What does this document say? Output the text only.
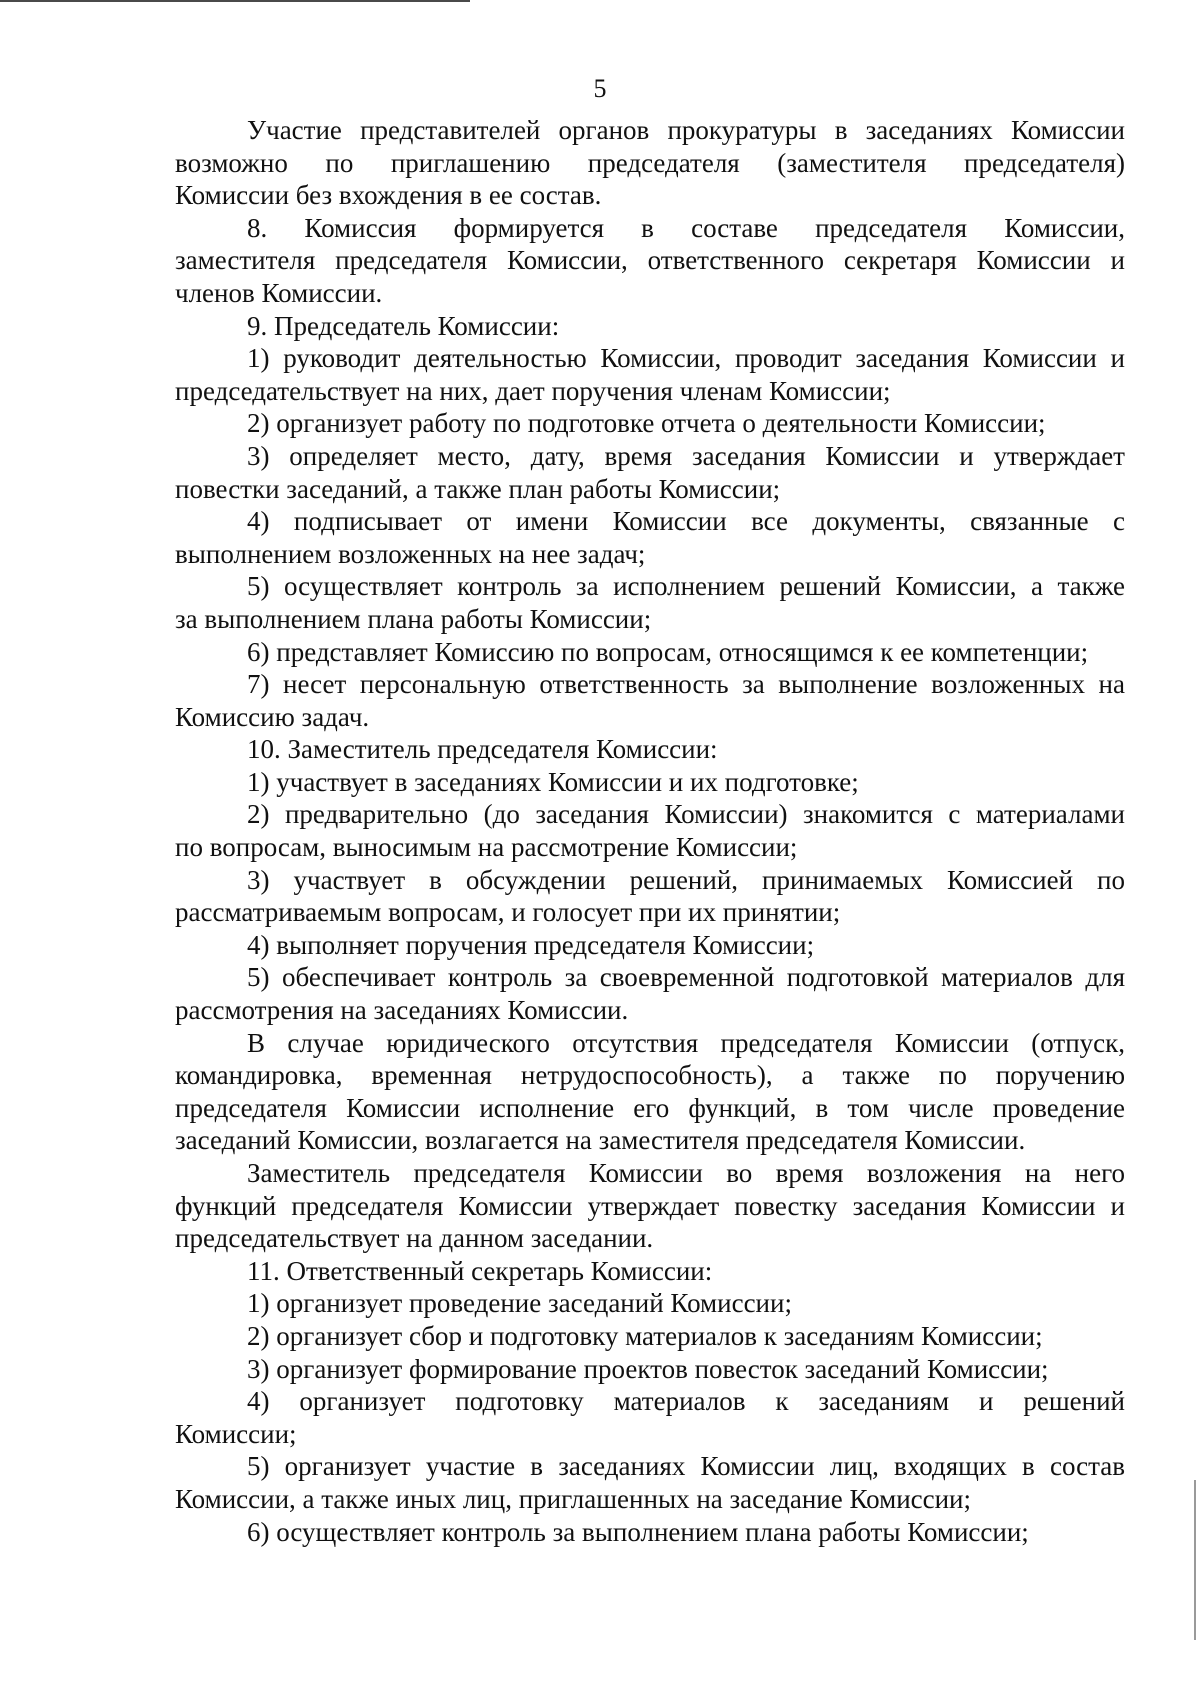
5

Участие представителей органов прокуратуры в заседаниях Комиссии
возможно по приглашению председателя (заместителя председателя)
Комиссии без вхождения в ее состав.

8. Комиссия формируется в составе председателя Комиссии,
заместителя председателя Комиссии, ответственного секретаря Комиссии и
членов Комиссии.

9. Председатель Комиссии:

1) руководит деятельностью Комиссии, проводит заседания Комиссии и
председательствует на них, дает поручения членам Комиссии;

2) организует работу по подготовке отчета о деятельности Комиссии;

3) определяет место, дату, время заседания Комиссии и утверждает
повестки заседаний, а также план работы Комиссии;

4) подписывает от имени Комиссии все документы, связанные с
выполнением возложенных на нее задач;

5) осуществляет контроль за исполнением решений Комиссии, а также
за выполнением плана работы Комиссии;

6) представляет Комиссию по вопросам, относящимся к ее компетенции;

7) несет персональную ответственность за выполнение возложенных на
Комиссию задач.

10. Заместитель председателя Комиссии:

1) участвует в заседаниях Комиссии и их подготовке;

2) предварительно (до заседания Комиссии) знакомится с материалами
по вопросам, выносимым на рассмотрение Комиссии;

3) участвует в обсуждении решений, принимаемых Комиссией по
рассматриваемым вопросам, и голосует при их принятии;

4) выполняет поручения председателя Комиссии;

5) обеспечивает контроль за своевременной подготовкой материалов для
рассмотрения на заседаниях Комиссии.

В случае юридического отсутствия председателя Комиссии (отпуск,
командировка, временная нетрудоспособность), а также по поручению
председателя Комиссии исполнение его функций, в том числе проведение
заседаний Комиссии, возлагается на заместителя председателя Комиссии.

Заместитель председателя Комиссии во время возложения на него
функций председателя Комиссии утверждает повестку заседания Комиссии и
председательствует на данном заседании.

11. Ответственный секретарь Комиссии:

1) организует проведение заседаний Комиссии;

2) организует сбор и подготовку материалов к заседаниям Комиссии;

3) организует формирование проектов повесток заседаний Комиссии;

4) организует подготовку материалов к заседаниям и решений
Комиссии;

5) организует участие в заседаниях Комиссии лиц, входящих в состав
Комиссии, а также иных лиц, приглашенных на заседание Комиссии;

6) осуществляет контроль за выполнением плана работы Комиссии;
